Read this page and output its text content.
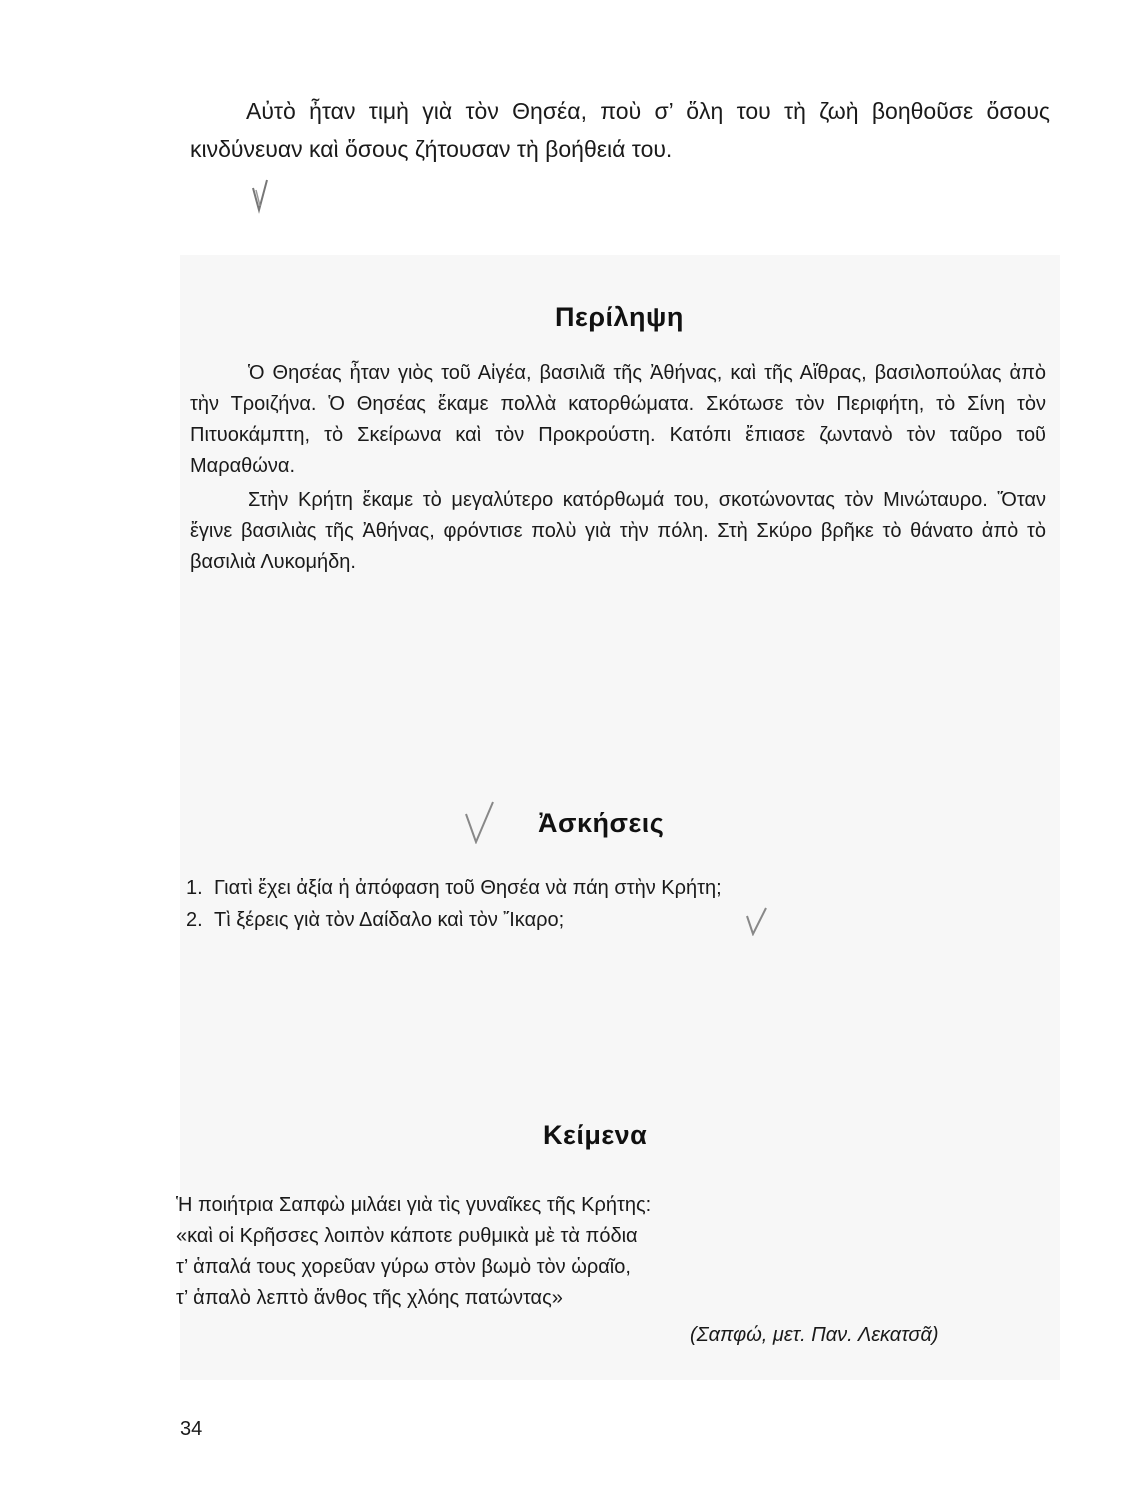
Αὐτὸ ἦταν τιμὴ γιὰ τὸν Θησέα, ποὺ σ’ ὅλη του τὴ ζωὴ βοηθοῦσε ὅσους κινδύνευαν καὶ ὅσους ζήτουσαν τὴ βοήθειά του.

Περίληψη

Ὁ Θησέας ἦταν γιὸς τοῦ Αἰγέα, βασιλιᾶ τῆς Ἀθήνας, καὶ τῆς Αἴθρας, βασιλοπούλας ἀπὸ τὴν Τροιζήνα. Ὁ Θησέας ἔκαμε πολλὰ κατορθώματα. Σκότωσε τὸν Περιφήτη, τὸ Σίνη τὸν Πιτυοκάμπτη, τὸ Σκείρωνα καὶ τὸν Προκρούστη. Κατόπι ἔπιασε ζωντανὸ τὸν ταῦρο τοῦ Μαραθώνα.

Στὴν Κρήτη ἔκαμε τὸ μεγαλύτερο κατόρθωμά του, σκοτώνοντας τὸν Μινώταυρο. Ὅταν ἔγινε βασιλιὰς τῆς Ἀθήνας, φρόντισε πολὺ γιὰ τὴν πόλη. Στὴ Σκύρο βρῆκε τὸ θάνατο ἀπὸ τὸ βασιλιὰ Λυκομήδη.

Ἀσκήσεις
1. Γιατὶ ἔχει ἀξία ἡ ἀπόφαση τοῦ Θησέα νὰ πάη στὴν Κρήτη;
2. Τὶ ξέρεις γιὰ τὸν Δαίδαλο καὶ τὸν Ἴκαρο;
Κείμενα

Ἡ ποιήτρια Σαπφὼ μιλάει γιὰ τὶς γυναῖκες τῆς Κρήτης:

«καὶ οἱ Κρῆσσες λοιπὸν κάποτε ρυθμικὰ μὲ τὰ πόδια

τ’ ἁπαλά τους χορεῦαν γύρω στὸν βωμὸ τὸν ὡραῖο,

τ’ ἁπαλὸ λεπτὸ ἄνθος τῆς χλόης πατώντας»

(Σαπφώ, μετ. Παν. Λεκατσᾶ)
34
